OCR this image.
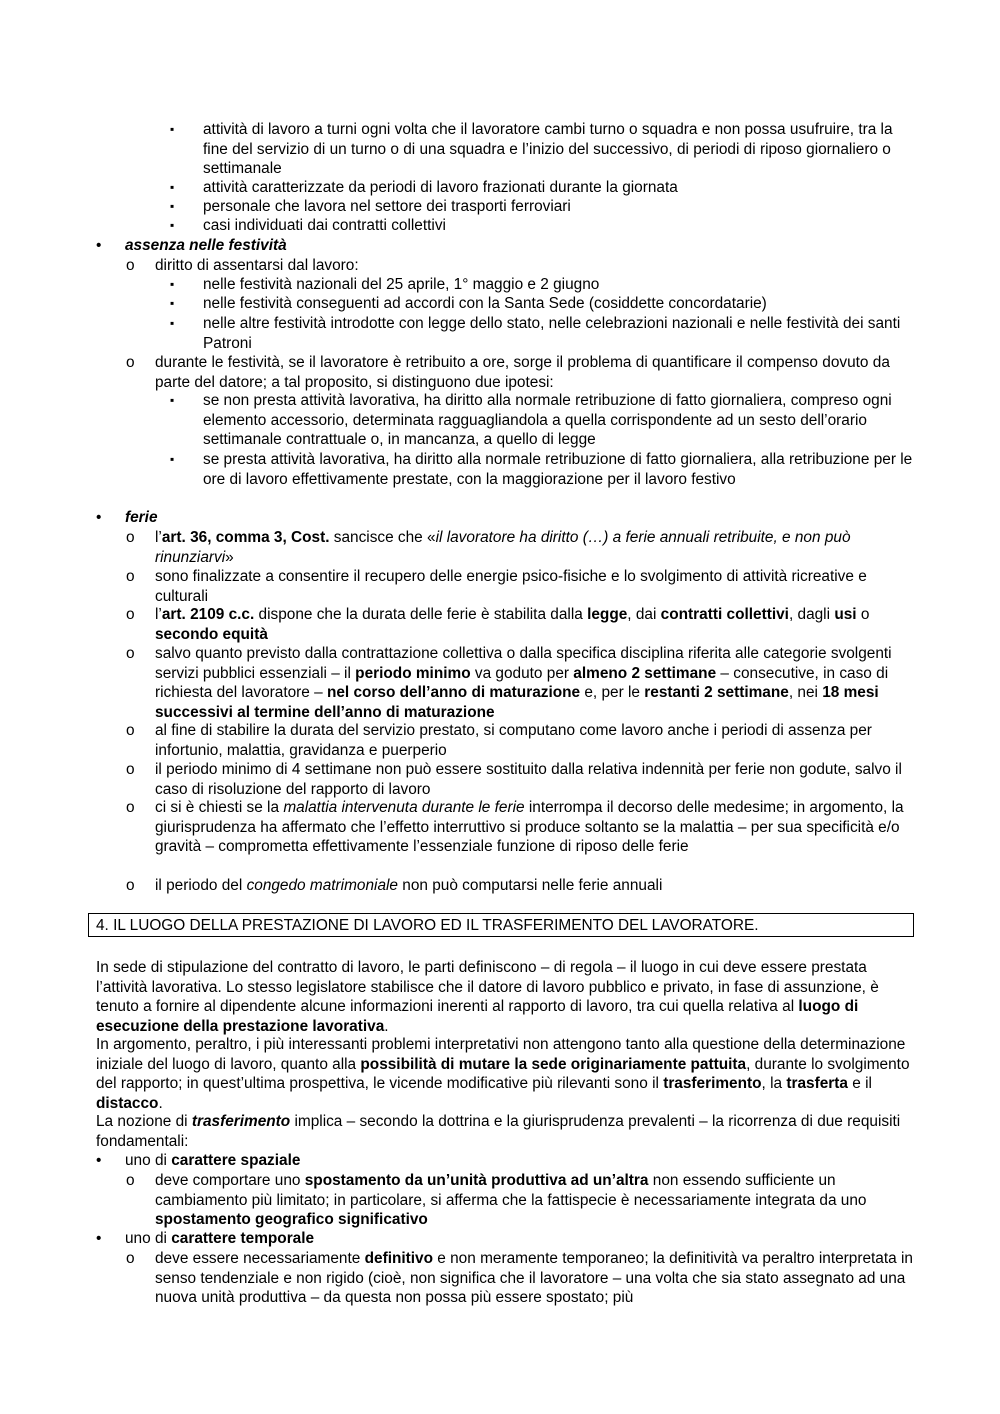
▪ attività di lavoro a turni ogni volta che il lavoratore cambi turno o squadra e non possa usufruire, tra la fine del servizio di un turno o di una squadra e l’inizio del successivo, di periodi di riposo giornaliero o settimanale
▪ attività caratterizzate da periodi di lavoro frazionati durante la giornata
▪ personale che lavora nel settore dei trasporti ferroviari
▪ casi individuati dai contratti collettivi
• assenza nelle festività
o diritto di assentarsi dal lavoro:
▪ nelle festività nazionali del 25 aprile, 1° maggio e 2 giugno
▪ nelle festività conseguenti ad accordi con la Santa Sede (cosiddette concordatarie)
▪ nelle altre festività introdotte con legge dello stato, nelle celebrazioni nazionali e nelle festività dei santi Patroni
o durante le festività, se il lavoratore è retribuito a ore, sorge il problema di quantificare il compenso dovuto da parte del datore; a tal proposito, si distinguono due ipotesi:
▪ se non presta attività lavorativa, ha diritto alla normale retribuzione di fatto giornaliera, compreso ogni elemento accessorio, determinata ragguagliandola a quella corrispondente ad un sesto dell’orario settimanale contrattuale o, in mancanza, a quello di legge
▪ se presta attività lavorativa, ha diritto alla normale retribuzione di fatto giornaliera, alla retribuzione per le ore di lavoro effettivamente prestate, con la maggiorazione per il lavoro festivo
• ferie
o l’art. 36, comma 3, Cost. sancisce che «il lavoratore ha diritto (…) a ferie annuali retribuite, e non può rinunziarvi»
o sono finalizzate a consentire il recupero delle energie psico-fisiche e lo svolgimento di attività ricreative e culturali
o l’art. 2109 c.c. dispone che la durata delle ferie è stabilita dalla legge, dai contratti collettivi, dagli usi o secondo equità
o salvo quanto previsto dalla contrattazione collettiva o dalla specifica disciplina riferita alle categorie svolgenti servizi pubblici essenziali – il periodo minimo va goduto per almeno 2 settimane – consecutive, in caso di richiesta del lavoratore – nel corso dell’anno di maturazione e, per le restanti 2 settimane, nei 18 mesi successivi al termine dell’anno di maturazione
o al fine di stabilire la durata del servizio prestato, si computano come lavoro anche i periodi di assenza per infortunio, malattia, gravidanza e puerperio
o il periodo minimo di 4 settimane non può essere sostituito dalla relativa indennità per ferie non godute, salvo il caso di risoluzione del rapporto di lavoro
o ci si è chiesti se la malattia intervenuta durante le ferie interrompa il decorso delle medesime; in argomento, la giurisprudenza ha affermato che l’effetto interruttivo si produce soltanto se la malattia – per sua specificità e/o gravità – comprometta effettivamente l’essenziale funzione di riposo delle ferie
o il periodo del congedo matrimoniale non può computarsi nelle ferie annuali
4. IL LUOGO DELLA PRESTAZIONE DI LAVORO ED IL TRASFERIMENTO DEL LAVORATORE.
In sede di stipulazione del contratto di lavoro, le parti definiscono – di regola – il luogo in cui deve essere prestata l’attività lavorativa. Lo stesso legislatore stabilisce che il datore di lavoro pubblico e privato, in fase di assunzione, è tenuto a fornire al dipendente alcune informazioni inerenti al rapporto di lavoro, tra cui quella relativa al luogo di esecuzione della prestazione lavorativa.
In argomento, peraltro, i più interessanti problemi interpretativi non attengono tanto alla questione della determinazione iniziale del luogo di lavoro, quanto alla possibilità di mutare la sede originariamente pattuita, durante lo svolgimento del rapporto; in quest’ultima prospettiva, le vicende modificative più rilevanti sono il trasferimento, la trasferta e il distacco.
La nozione di trasferimento implica – secondo la dottrina e la giurisprudenza prevalenti – la ricorrenza di due requisiti fondamentali:
• uno di carattere spaziale
o deve comportare uno spostamento da un’unità produttiva ad un’altra non essendo sufficiente un cambiamento più limitato; in particolare, si afferma che la fattispecie è necessariamente integrata da uno spostamento geografico significativo
• uno di carattere temporale
o deve essere necessariamente definitivo e non meramente temporaneo; la definitività va peraltro interpretata in senso tendenziale e non rigido (cioè, non significa che il lavoratore – una volta che sia stato assegnato ad una nuova unità produttiva – da questa non possa più essere spostato; più
